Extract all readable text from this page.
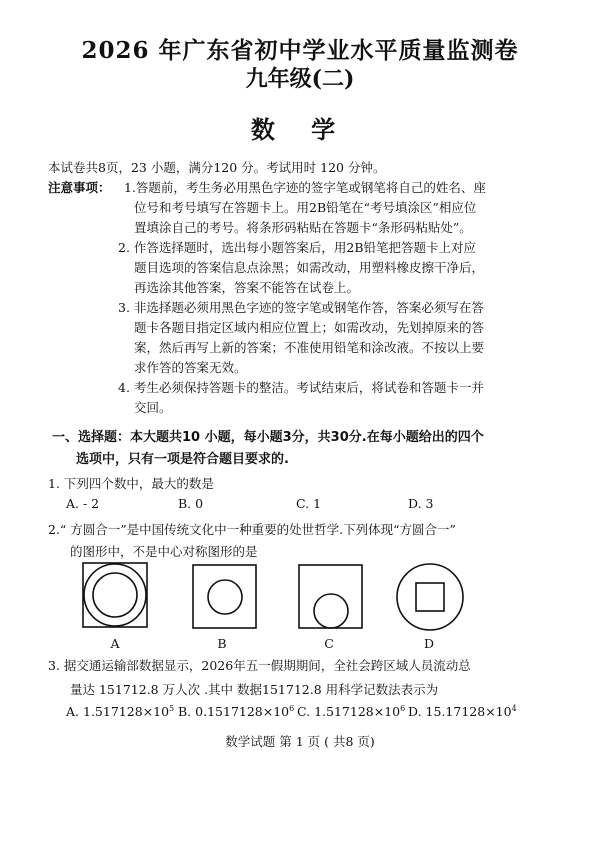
2026 年广东省初中学业水平质量监测卷
九年级(二)
数 学
本试卷共8页，23 小题，满分120 分。考试用时 120 分钟。
注意事项： 1.答题前，考生务必用黑色字迹的签字笔或钢笔将自己的姓名、座
位号和考号填写在答题卡上。用2B铅笔在“考号填涂区”相应位
置填涂自己的考号。将条形码粘贴在答题卡“条形码粘贴处”。
2. 作答选择题时，选出每小题答案后，用2B铅笔把答题卡上对应
题目选项的答案信息点涂黑；如需改动，用塑料橡皮擦干净后，
再选涂其他答案，答案不能答在试卷上。
3. 非选择题必须用黑色字迹的签字笔或钢笔作答，答案必须写在答
题卡各题目指定区域内相应位置上；如需改动，先划掉原来的答
案，然后再写上新的答案；不准使用铅笔和涂改液。不按以上要
求作答的答案无效。
4. 考生必须保持答题卡的整洁。考试结束后，将试卷和答题卡一并
交回。
一、选择题：本大题共10 小题，每小题3分，共30分.在每小题给出的四个
选项中，只有一项是符合题目要求的.
1. 下列四个数中，最大的数是
A. - 2	B. 0	C. 1	D. 3
2.“ 方圆合一”是中国传统文化中一种重要的处世哲学.下列体现“方圆合一”
的图形中，不是中心对称图形的是
A	B	C	D
3. 据交通运输部数据显示，2026年五一假期期间，全社会跨区域人员流动总
量达 151712.8 万人次 .其中 数据151712.8 用科学记数法表示为
A. $1.517128\times 10^5$ B. $0.1517128\times 10^6$ C. $1.517128\times 10^6$ D. $15.17128\times 10^4$
数学试题 第 1 页 ( 共8 页)
